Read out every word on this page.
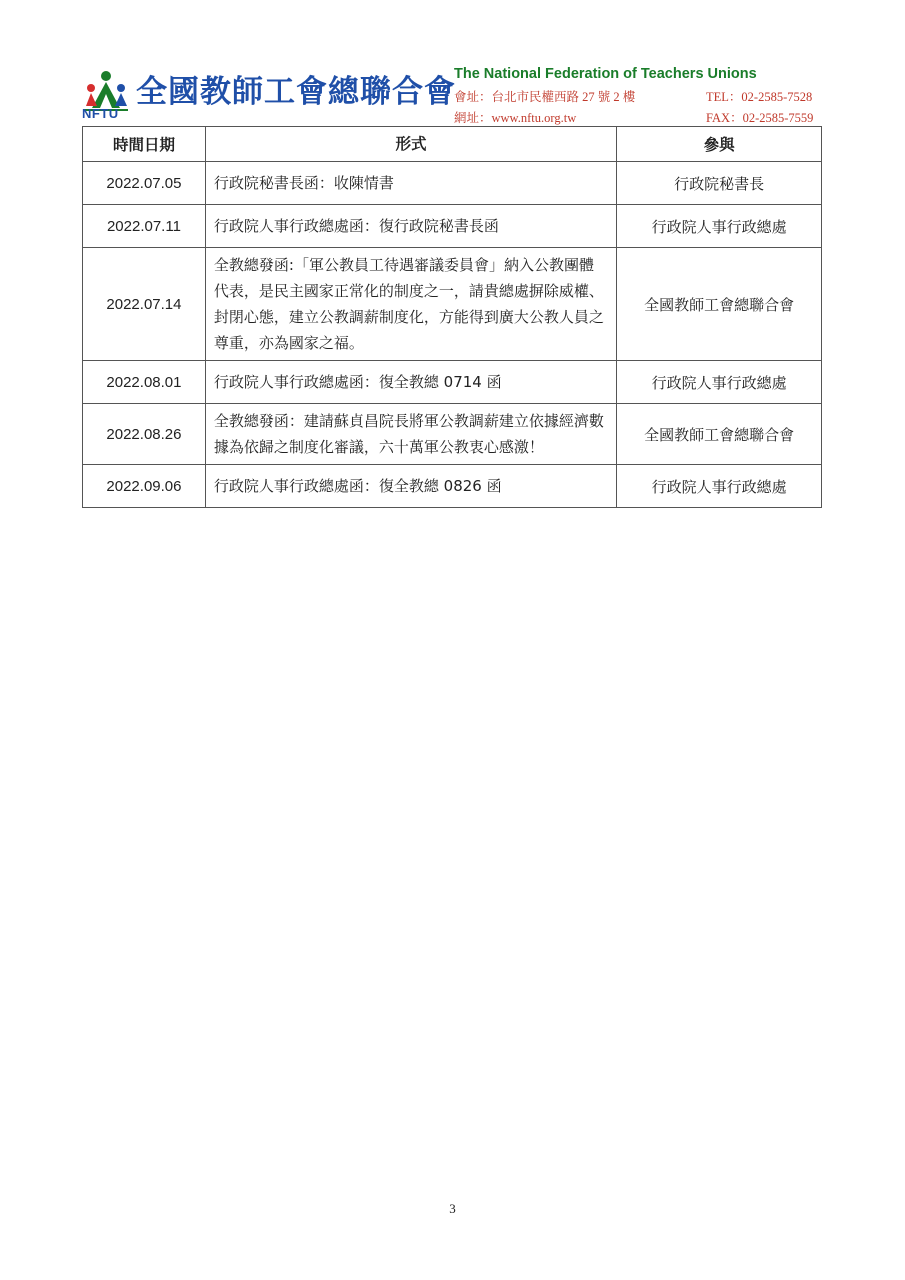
NFTU
全國教師工會總聯合會
The National Federation of Teachers Unions
會址：台北市民權西路 27 號 2 樓	TEL：02-2585-7528
網址：www.nftu.org.tw	FAX：02-2585-7559
時間日期	形式	參與
2022.07.05	行政院秘書長函：收陳情書	行政院秘書長
2022.07.11	行政院人事行政總處函：復行政院秘書長函	行政院人事行政總處
2022.07.14	全教總發函:「軍公教員工待遇審議委員會」納入公教團體代表，是民主國家正常化的制度之一，請貴總處摒除威權、封閉心態，建立公教調薪制度化，方能得到廣大公教人員之尊重，亦為國家之福。	全國教師工會總聯合會
2022.08.01	行政院人事行政總處函：復全教總 0714 函	行政院人事行政總處
2022.08.26	全教總發函：建請蘇貞昌院長將軍公教調薪建立依據經濟數據為依歸之制度化審議，六十萬軍公教衷心感激！	全國教師工會總聯合會
2022.09.06	行政院人事行政總處函：復全教總 0826 函	行政院人事行政總處
3
